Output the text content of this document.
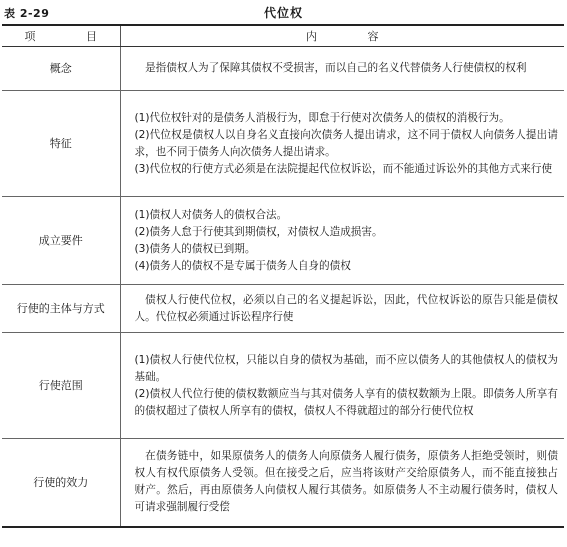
表 2-29	代位权
项　目	内　容
概念	是指债权人为了保障其债权不受损害，而以自己的名义代替债务人行使债权的权利

特征	(1)代位权针对的是债务人消极行为，即怠于行使对次债务人的债权的消极行为。

(2)代位权是债权人以自身名义直接向次债务人提出请求，这不同于债权人向债务人提出请求，也不同于债务人向次债务人提出请求。

(3)代位权的行使方式必须是在法院提起代位权诉讼，而不能通过诉讼外的其他方式来行使

成立要件	(1)债权人对债务人的债权合法。

(2)债务人怠于行使其到期债权，对债权人造成损害。

(3)债务人的债权已到期。

(4)债务人的债权不是专属于债务人自身的债权

行使的主体与方式	债权人行使代位权，必须以自己的名义提起诉讼，因此，代位权诉讼的原告只能是债权人。代位权必须通过诉讼程序行使

行使范围	(1)债权人行使代位权，只能以自身的债权为基础，而不应以债务人的其他债权人的债权为基础。

(2)债权人代位行使的债权数额应当与其对债务人享有的债权数额为上限。即债务人所享有的债权超过了债权人所享有的债权，债权人不得就超过的部分行使代位权

行使的效力	在债务链中，如果原债务人的债务人向原债务人履行债务，原债务人拒绝受领时，则债权人有权代原债务人受领。但在接受之后，应当将该财产交给原债务人，而不能直接独占财产。然后，再由原债务人向债权人履行其债务。如原债务人不主动履行债务时，债权人可请求强制履行受偿
